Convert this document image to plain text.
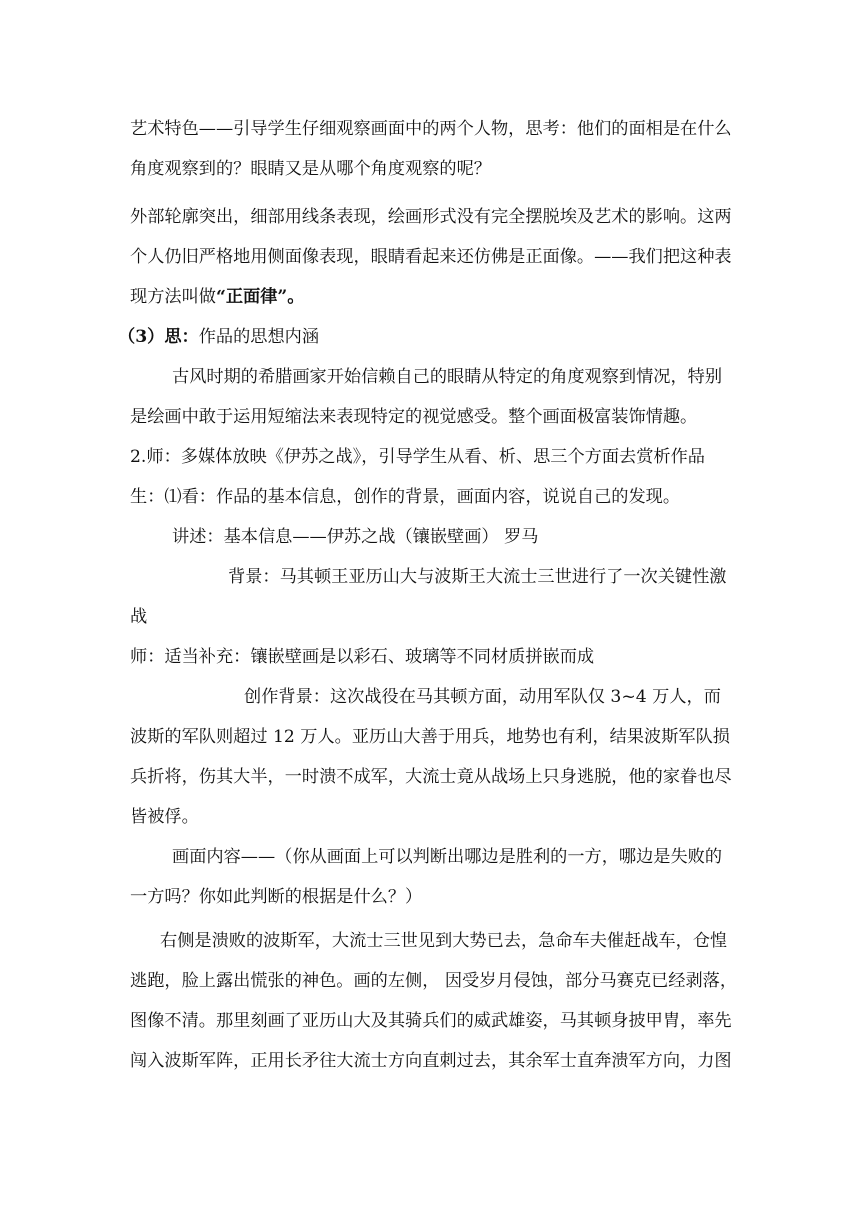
艺术特色——引导学生仔细观察画面中的两个人物，思考：他们的面相是在什么
角度观察到的？眼睛又是从哪个角度观察的呢？
外部轮廓突出，细部用线条表现，绘画形式没有完全摆脱埃及艺术的影响。这两
个人仍旧严格地用侧面像表现，眼睛看起来还仿佛是正面像。——我们把这种表
现方法叫做“正面律”。
（3）思：作品的思想内涵
古风时期的希腊画家开始信赖自己的眼睛从特定的角度观察到情况，特别
是绘画中敢于运用短缩法来表现特定的视觉感受。整个画面极富装饰情趣。
2.师：多媒体放映《伊苏之战》，引导学生从看、析、思三个方面去赏析作品
生：⑴看：作品的基本信息，创作的背景，画面内容，说说自己的发现。
讲述：基本信息——伊苏之战（镶嵌壁画） 罗马
背景：马其顿王亚历山大与波斯王大流士三世进行了一次关键性激
战
师：适当补充：镶嵌壁画是以彩石、玻璃等不同材质拼嵌而成
创作背景：这次战役在马其顿方面，动用军队仅 3~4 万人，而
波斯的军队则超过 12 万人。亚历山大善于用兵，地势也有利，结果波斯军队损
兵折将，伤其大半，一时溃不成军，大流士竟从战场上只身逃脱，他的家眷也尽
皆被俘。
画面内容——（你从画面上可以判断出哪边是胜利的一方，哪边是失败的
一方吗？你如此判断的根据是什么？）
右侧是溃败的波斯军，大流士三世见到大势已去，急命车夫催赶战车，仓惶
逃跑，脸上露出慌张的神色。画的左侧， 因受岁月侵蚀，部分马赛克已经剥落，
图像不清。那里刻画了亚历山大及其骑兵们的威武雄姿，马其顿身披甲胄，率先
闯入波斯军阵，正用长矛往大流士方向直刺过去，其余军士直奔溃军方向，力图
